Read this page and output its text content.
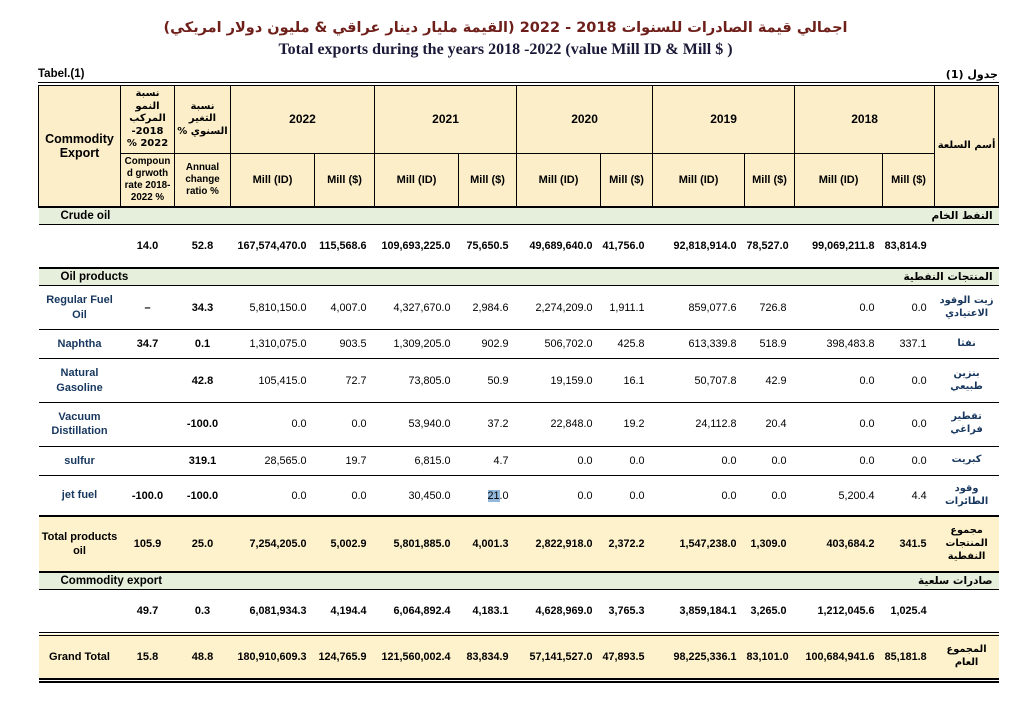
اجمالي قيمة الصادرات للسنوات 2018 - 2022 (القيمة مليار دينار عراقي & مليون دولار امريكي)
Total exports during the years 2018 -2022 (value Mill ID & Mill $ )
Tabel.(1)	جدول (1)
Commodity Export	نسبة النمو المركب 2018- 2022 %	نسبة التغير السنوي %	2022		2021		2020		2019		2018		أسم السلعة
	Compound grwoth rate 2018-2022 %	Annual change ratio %	Mill (ID)	Mill ($)	Mill (ID)	Mill ($)	Mill (ID)	Mill ($)	Mill (ID)	Mill ($)	Mill (ID)	Mill ($)	

Crude oil النفط الخام													

	14.0	52.8	167,574,470.0	115,568.6	109,693,225.0	75,650.5	49,689,640.0	41,756.0	92,818,914.0	78,527.0	99,069,211.8	83,814.9	

Oil products المنتجات النفطية													

Regular Fuel Oil	–	34.3	5,810,150.0	4,007.0	4,327,670.0	2,984.6	2,274,209.0	1,911.1	859,077.6	726.8	0.0	0.0	زيت الوقود الاعتيادي
Naphtha	34.7	0.1	1,310,075.0	903.5	1,309,205.0	902.9	506,702.0	425.8	613,339.8	518.9	398,483.8	337.1	نفثا
Natural Gasoline		42.8	105,415.0	72.7	73,805.0	50.9	19,159.0	16.1	50,707.8	42.9	0.0	0.0	بنزين طبيعي
Vacuum Distillation		-100.0	0.0	0.0	53,940.0	37.2	22,848.0	19.2	24,112.8	20.4	0.0	0.0	تقطير فراغي
sulfur		319.1	28,565.0	19.7	6,815.0	4.7	0.0	0.0	0.0	0.0	0.0	0.0	كبريت
jet fuel	-100.0	-100.0	0.0	0.0	30,450.0	21.0	0.0	0.0	0.0	0.0	5,200.4	4.4	وقود الطائرات
Total products oil	105.9	25.0	7,254,205.0	5,002.9	5,801,885.0	4,001.3	2,822,918.0	2,372.2	1,547,238.0	1,309.0	403,684.2	341.5	مجموع المنتجات النفطية

Commodity export صادرات سلعية													

	49.7	0.3	6,081,934.3	4,194.4	6,064,892.4	4,183.1	4,628,969.0	3,765.3	3,859,184.1	3,265.0	1,212,045.6	1,025.4	
Grand Total	15.8	48.8	180,910,609.3	124,765.9	121,560,002.4	83,834.9	57,141,527.0	47,893.5	98,225,336.1	83,101.0	100,684,941.6	85,181.8	المجموع العام
